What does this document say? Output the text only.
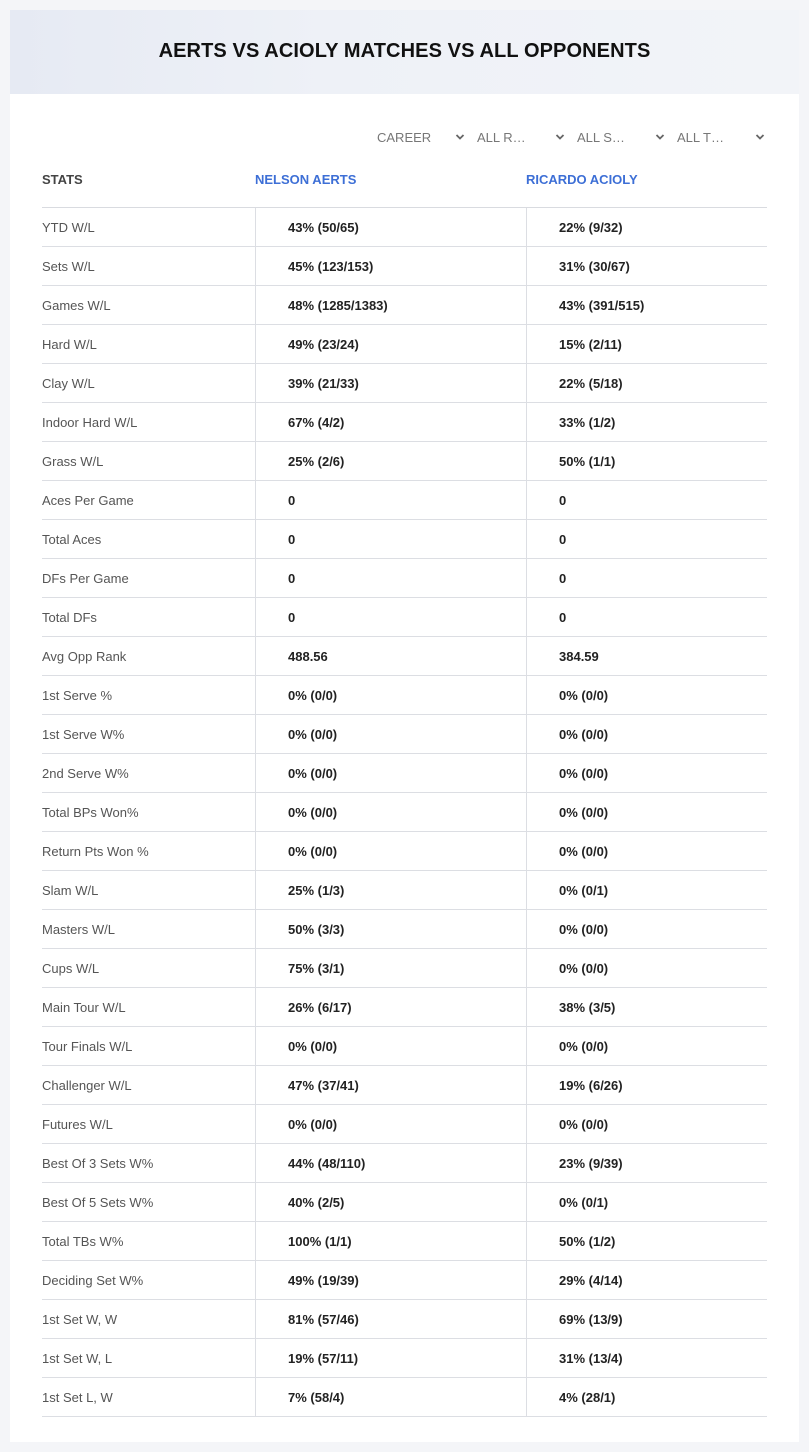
AERTS VS ACIOLY MATCHES VS ALL OPPONENTS
CAREER	ALL R…	ALL S…	ALL T…
STATS	NELSON AERTS	RICARDO ACIOLY
YTD W/L	43% (50/65)	22% (9/32)
Sets W/L	45% (123/153)	31% (30/67)
Games W/L	48% (1285/1383)	43% (391/515)
Hard W/L	49% (23/24)	15% (2/11)
Clay W/L	39% (21/33)	22% (5/18)
Indoor Hard W/L	67% (4/2)	33% (1/2)
Grass W/L	25% (2/6)	50% (1/1)
Aces Per Game	0	0
Total Aces	0	0
DFs Per Game	0	0
Total DFs	0	0
Avg Opp Rank	488.56	384.59
1st Serve %	0% (0/0)	0% (0/0)
1st Serve W%	0% (0/0)	0% (0/0)
2nd Serve W%	0% (0/0)	0% (0/0)
Total BPs Won%	0% (0/0)	0% (0/0)
Return Pts Won %	0% (0/0)	0% (0/0)
Slam W/L	25% (1/3)	0% (0/1)
Masters W/L	50% (3/3)	0% (0/0)
Cups W/L	75% (3/1)	0% (0/0)
Main Tour W/L	26% (6/17)	38% (3/5)
Tour Finals W/L	0% (0/0)	0% (0/0)
Challenger W/L	47% (37/41)	19% (6/26)
Futures W/L	0% (0/0)	0% (0/0)
Best Of 3 Sets W%	44% (48/110)	23% (9/39)
Best Of 5 Sets W%	40% (2/5)	0% (0/1)
Total TBs W%	100% (1/1)	50% (1/2)
Deciding Set W%	49% (19/39)	29% (4/14)
1st Set W, W	81% (57/46)	69% (13/9)
1st Set W, L	19% (57/11)	31% (13/4)
1st Set L, W	7% (58/4)	4% (28/1)
